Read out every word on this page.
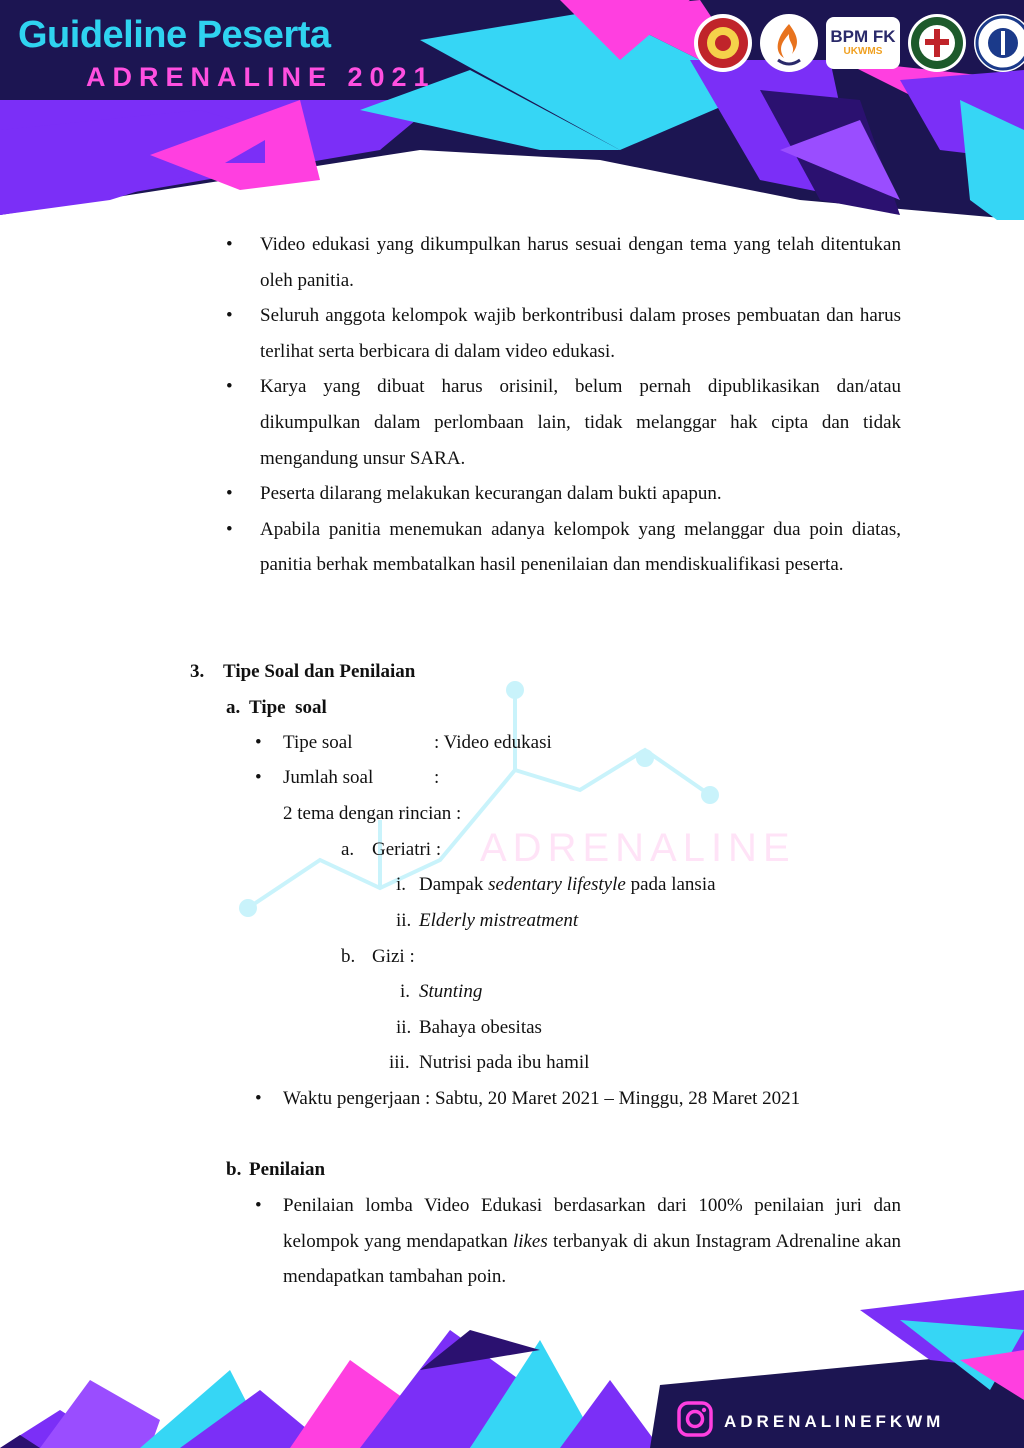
Guideline Peserta
ADRENALINE 2021
BPM FK
UKWMS
ADRENALINE
• Video edukasi yang dikumpulkan harus sesuai dengan tema yang telah ditentukan oleh panitia.
• Seluruh anggota kelompok wajib berkontribusi dalam proses pembuatan dan harus terlihat serta berbicara di dalam video edukasi.
• Karya yang dibuat harus orisinil, belum pernah dipublikasikan dan/atau dikumpulkan dalam perlombaan lain, tidak melanggar hak cipta dan tidak mengandung unsur SARA.
• Peserta dilarang melakukan kecurangan dalam bukti apapun.
• Apabila panitia menemukan adanya kelompok yang melanggar dua poin diatas, panitia berhak membatalkan hasil penenilaian dan mendiskualifikasi peserta.
3. Tipe Soal dan Penilaian
a. Tipe  soal
• Tipe soal	: Video edukasi
• Jumlah soal	:
2 tema dengan rincian :
a. Geriatri :
i. Dampak sedentary lifestyle pada lansia
ii. Elderly mistreatment
b. Gizi :
i. Stunting
ii. Bahaya obesitas
iii. Nutrisi pada ibu hamil
• Waktu pengerjaan : Sabtu, 20 Maret 2021 – Minggu, 28 Maret 2021
b. Penilaian
• Penilaian lomba Video Edukasi berdasarkan dari 100% penilaian juri dan kelompok yang mendapatkan likes terbanyak di akun Instagram Adrenaline akan mendapatkan tambahan poin.
ADRENALINEFKWM
